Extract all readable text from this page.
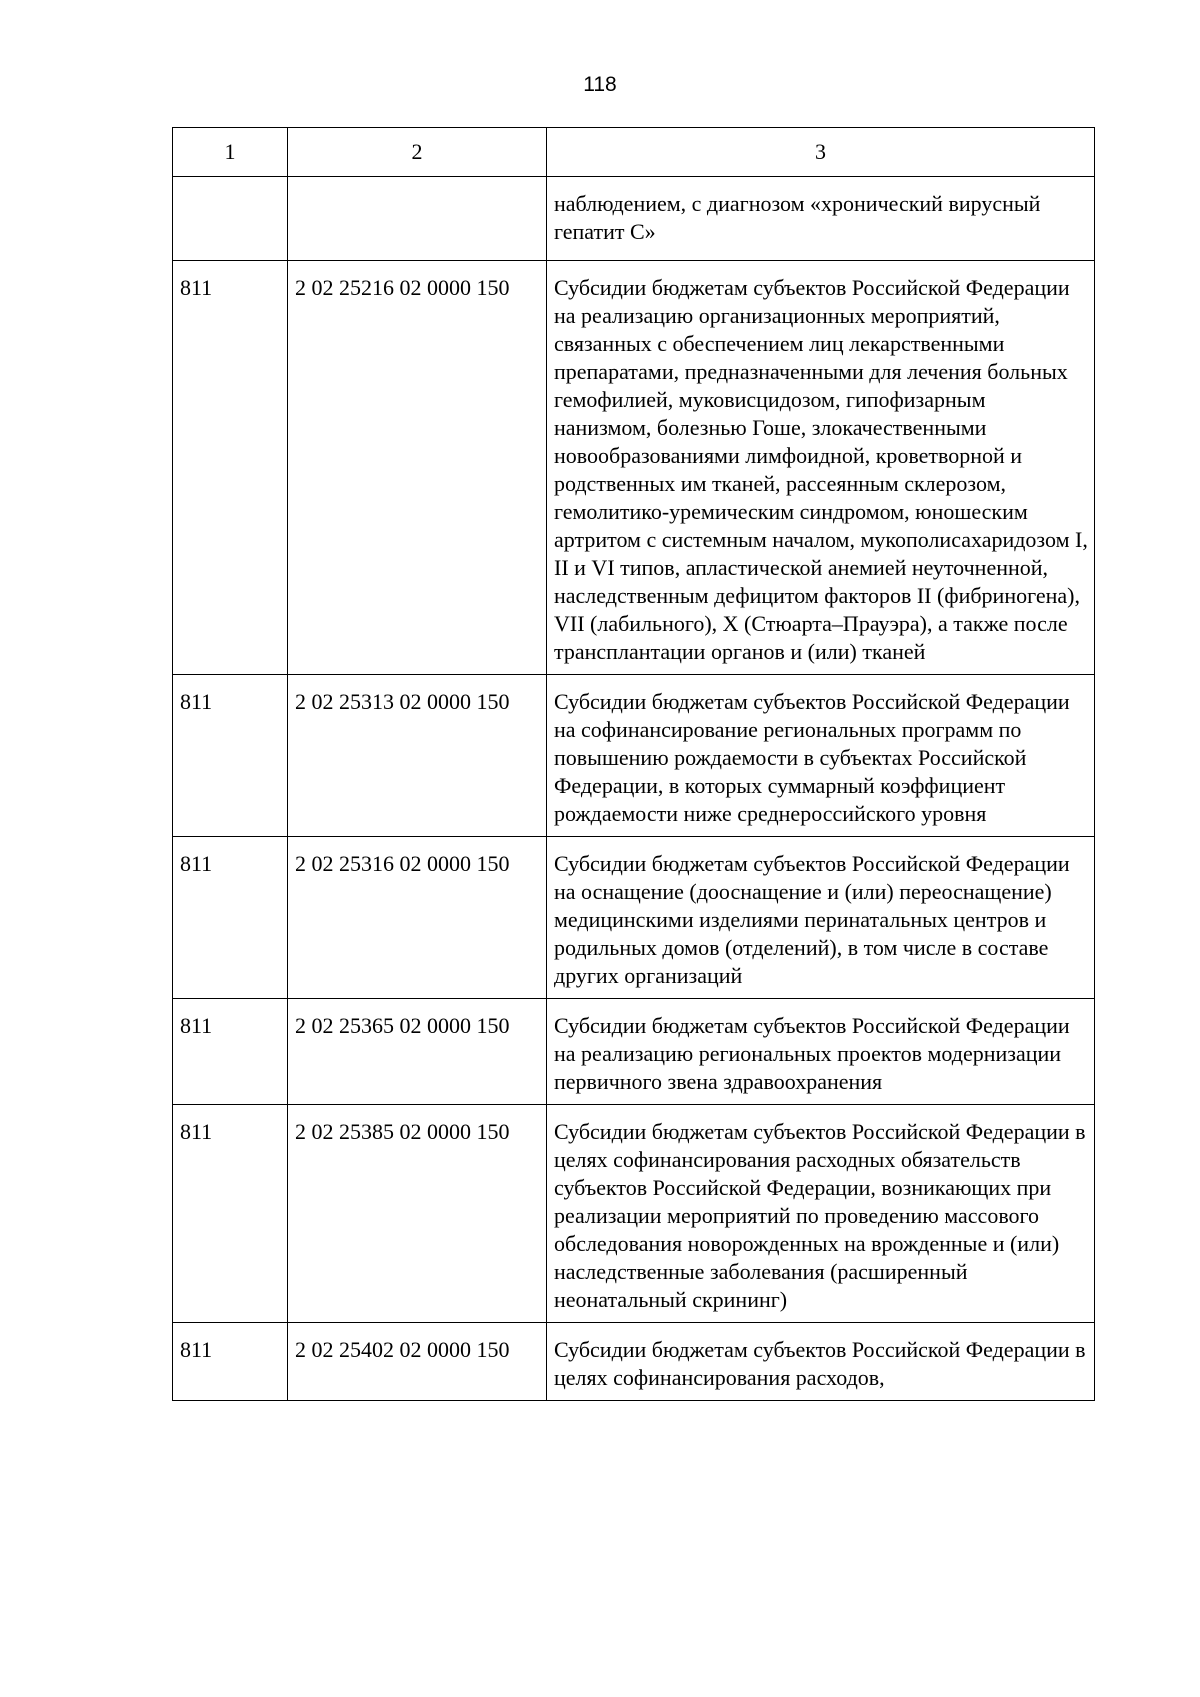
118
1	2	3

		наблюдением, с диагнозом «хронический вирусный гепатит С»

811	2 02 25216 02 0000 150	Субсидии бюджетам субъектов Российской Федерации на реализацию организационных мероприятий, связанных с обеспечением лиц лекарственными препаратами, предназначенными для лечения больных гемофилией, муковисцидозом, гипофизарным нанизмом, болезнью Гоше, злокачественными новообразованиями лимфоидной, кроветворной и родственных им тканей, рассеянным склерозом, гемолитико-уремическим синдромом, юношеским артритом с системным началом, мукополисахаридозом I, II и VI типов, апластической анемией неуточненной, наследственным дефицитом факторов II (фибриногена), VII (лабильного), X (Стюарта–Прауэра), а также после трансплантации органов и (или) тканей

811	2 02 25313 02 0000 150	Субсидии бюджетам субъектов Российской Федерации на софинансирование региональных программ по повышению рождаемости в субъектах Российской Федерации, в которых суммарный коэффициент рождаемости ниже среднероссийского уровня

811	2 02 25316 02 0000 150	Субсидии бюджетам субъектов Российской Федерации на оснащение (дооснащение и (или) переоснащение) медицинскими изделиями перинатальных центров и родильных домов (отделений), в том числе в составе других организаций

811	2 02 25365 02 0000 150	Субсидии бюджетам субъектов Российской Федерации на реализацию региональных проектов модернизации первичного звена здравоохранения

811	2 02 25385 02 0000 150	Субсидии бюджетам субъектов Российской Федерации в целях софинансирования расходных обязательств субъектов Российской Федерации, возникающих при реализации мероприятий по проведению массового обследования новорожденных на врожденные и (или) наследственные заболевания (расширенный неонатальный скрининг)

811	2 02 25402 02 0000 150	Субсидии бюджетам субъектов Российской Федерации в целях софинансирования расходов,
